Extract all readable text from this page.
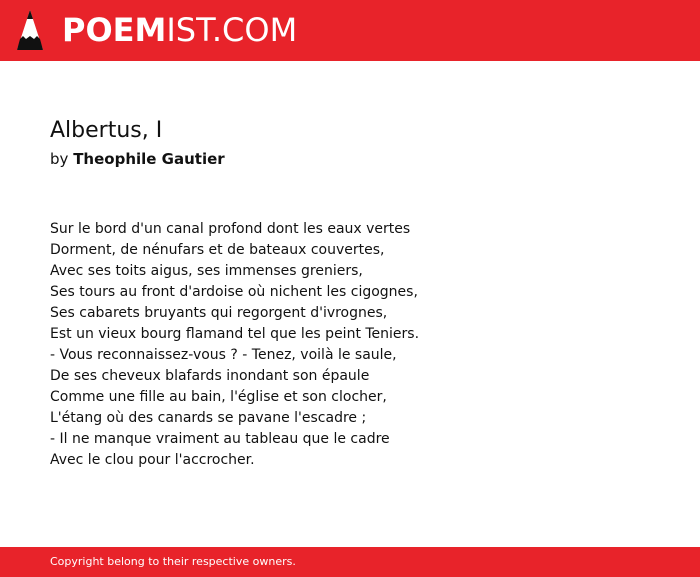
POEMIST.COM
Albertus, I
by Theophile Gautier
Sur le bord d'un canal profond dont les eaux vertes
Dorment, de nénufars et de bateaux couvertes,
Avec ses toits aigus, ses immenses greniers,
Ses tours au front d'ardoise où nichent les cigognes,
Ses cabarets bruyants qui regorgent d'ivrognes,
Est un vieux bourg flamand tel que les peint Teniers.
- Vous reconnaissez-vous ? - Tenez, voilà le saule,
De ses cheveux blafards inondant son épaule
Comme une fille au bain, l'église et son clocher,
L'étang où des canards se pavane l'escadre ;
- Il ne manque vraiment au tableau que le cadre
Avec le clou pour l'accrocher.
Copyright belong to their respective owners.
